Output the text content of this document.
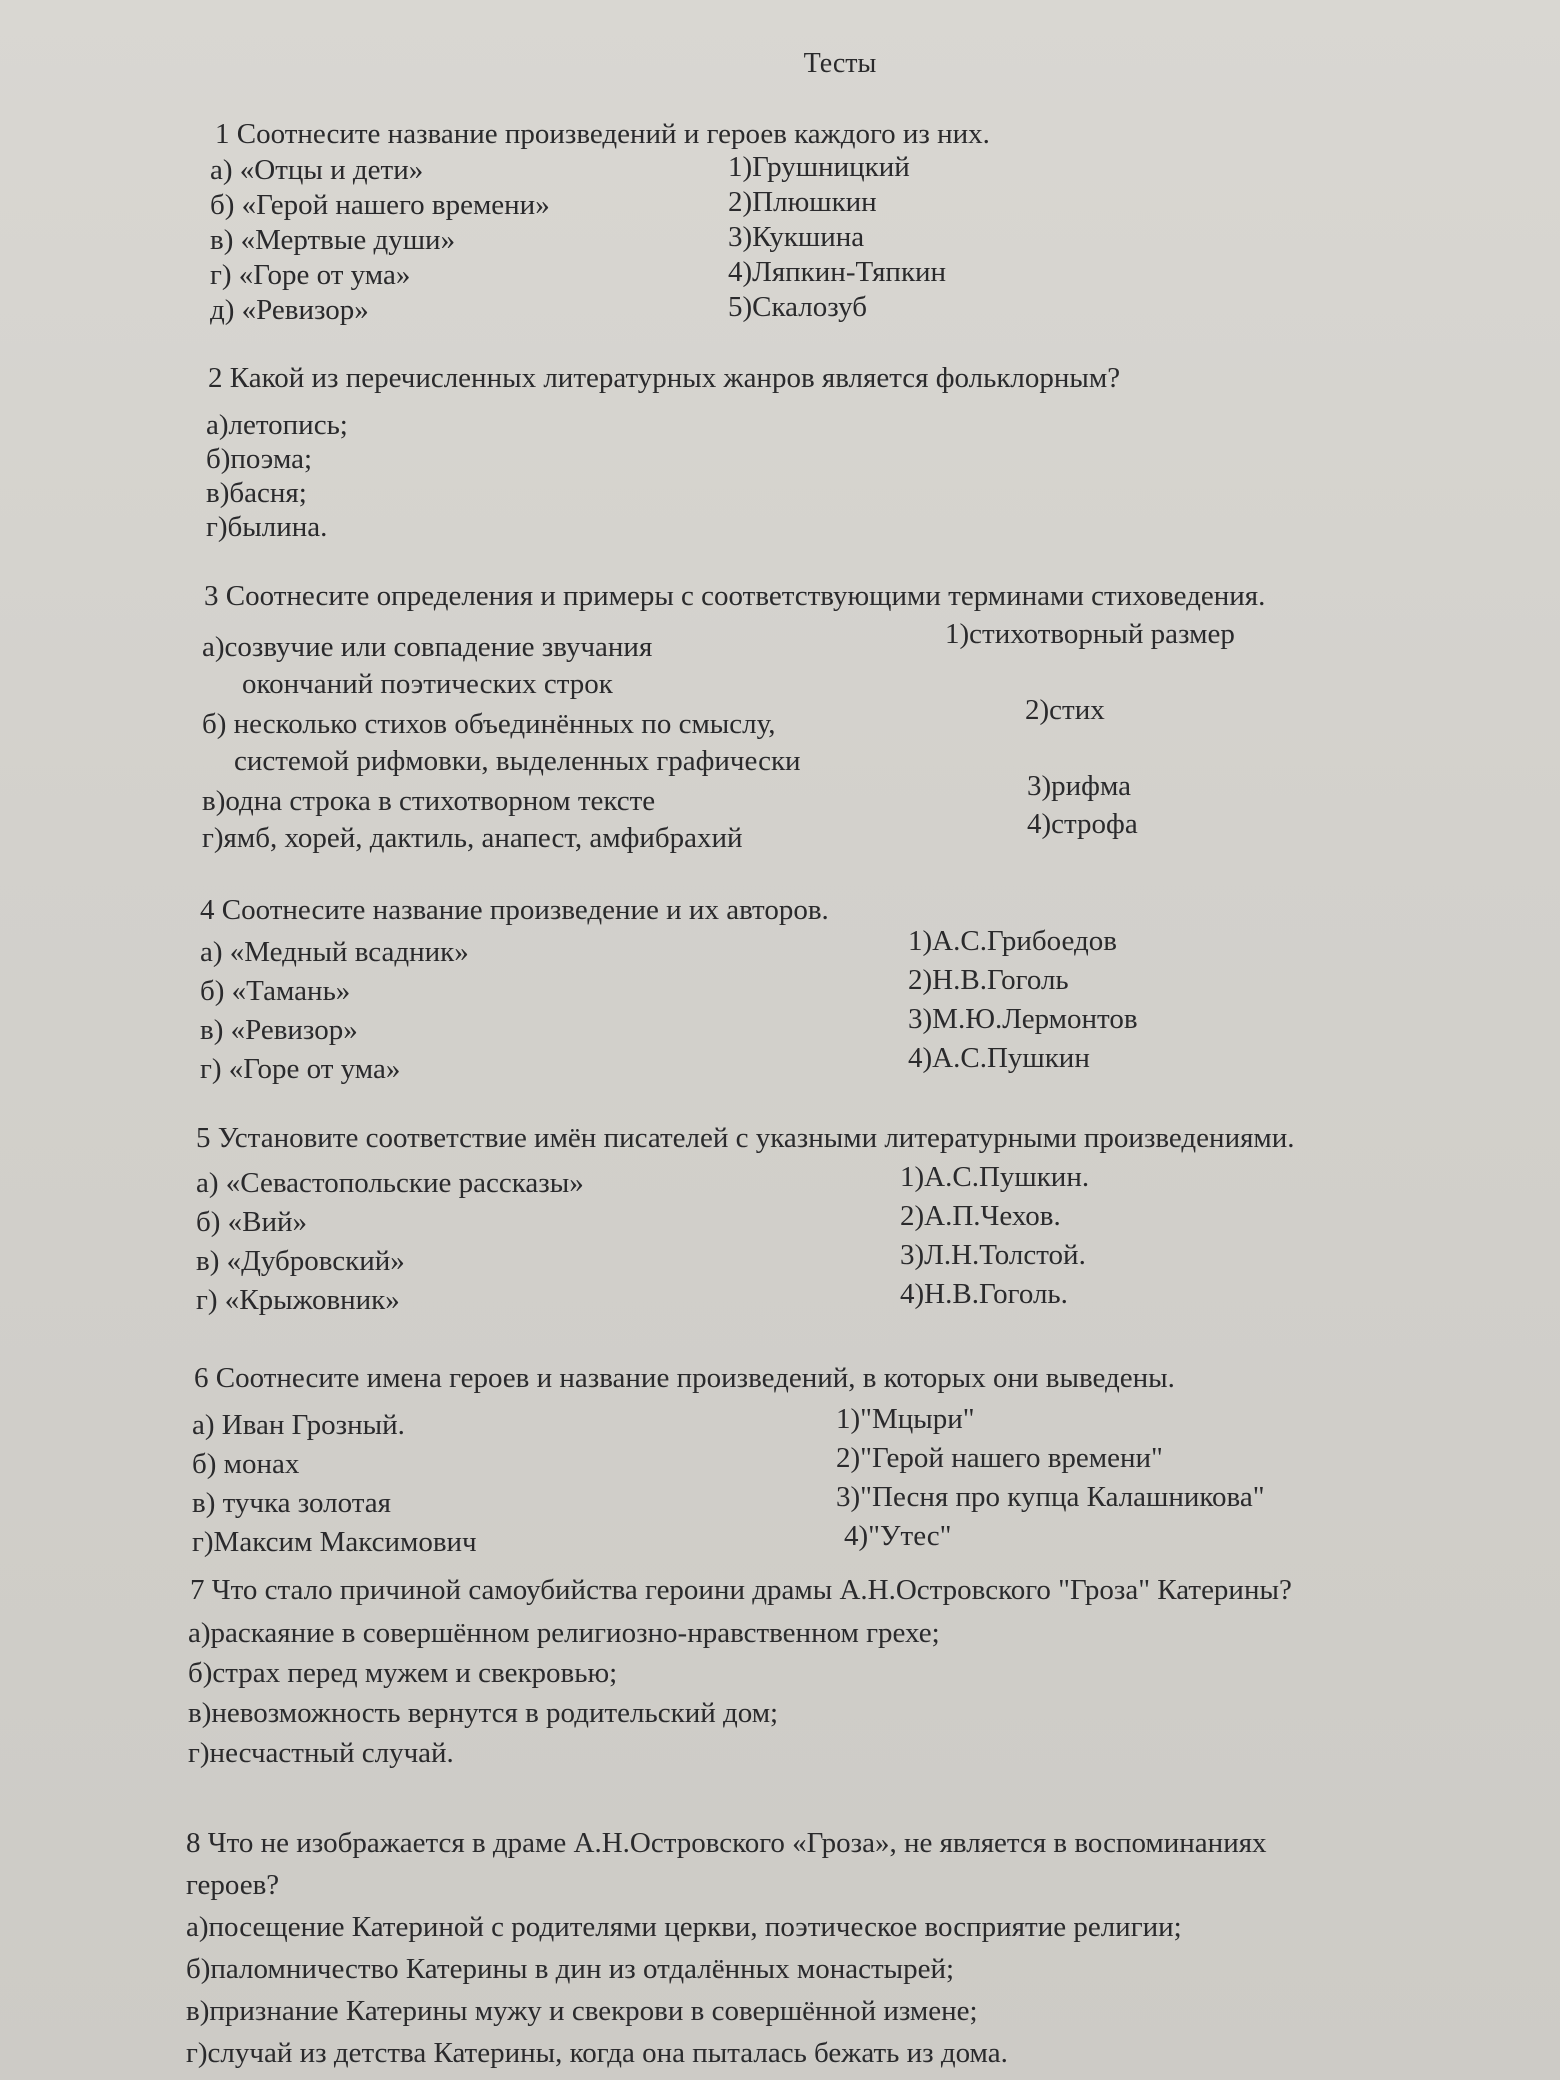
Тесты
1 Соотнесите название произведений и героев каждого из них.
а) «Отцы и дети»
б) «Герой нашего времени»
в) «Мертвые души»
г) «Горе от ума»
д) «Ревизор»
1)Грушницкий
2)Плюшкин
3)Кукшина
4)Ляпкин-Тяпкин
5)Скалозуб
2 Какой из перечисленных литературных жанров является фольклорным?
а)летопись;
б)поэма;
в)басня;
г)былина.
3 Соотнесите определения и примеры с соответствующими терминами стиховедения.
а)созвучие или совпадение звучания
окончаний поэтических строк
б) несколько стихов объединённых по смыслу,
системой рифмовки, выделенных графически
в)одна строка в стихотворном тексте
г)ямб, хорей, дактиль, анапест, амфибрахий
1)стихотворный размер
2)стих
3)рифма
4)строфа
4 Соотнесите название произведение и их авторов.
а) «Медный всадник»
б) «Тамань»
в) «Ревизор»
г) «Горе от ума»
1)А.С.Грибоедов
2)Н.В.Гоголь
3)М.Ю.Лермонтов
4)А.С.Пушкин
5 Установите соответствие имён писателей с указными литературными произведениями.
а) «Севастопольские рассказы»
б) «Вий»
в) «Дубровский»
г) «Крыжовник»
1)А.С.Пушкин.
2)А.П.Чехов.
3)Л.Н.Толстой.
4)Н.В.Гоголь.
6 Соотнесите имена героев и название произведений, в которых они выведены.
а) Иван Грозный.
б) монах
в) тучка золотая
г)Максим Максимович
1)"Мцыри"
2)"Герой нашего времени"
3)"Песня про купца Калашникова"
4)"Утес"
7 Что стало причиной самоубийства героини драмы А.Н.Островского "Гроза" Катерины?
а)раскаяние в совершённом религиозно-нравственном грехе;
б)страх перед мужем и свекровью;
в)невозможность вернутся в родительский дом;
г)несчастный случай.
8 Что не изображается в драме А.Н.Островского «Гроза», не является в воспоминаниях
героев?
а)посещение Катериной с родителями церкви, поэтическое восприятие религии;
б)паломничество Катерины в дин из отдалённых монастырей;
в)признание Катерины мужу и свекрови в совершённой измене;
г)случай из детства Катерины, когда она пыталась бежать из дома.
